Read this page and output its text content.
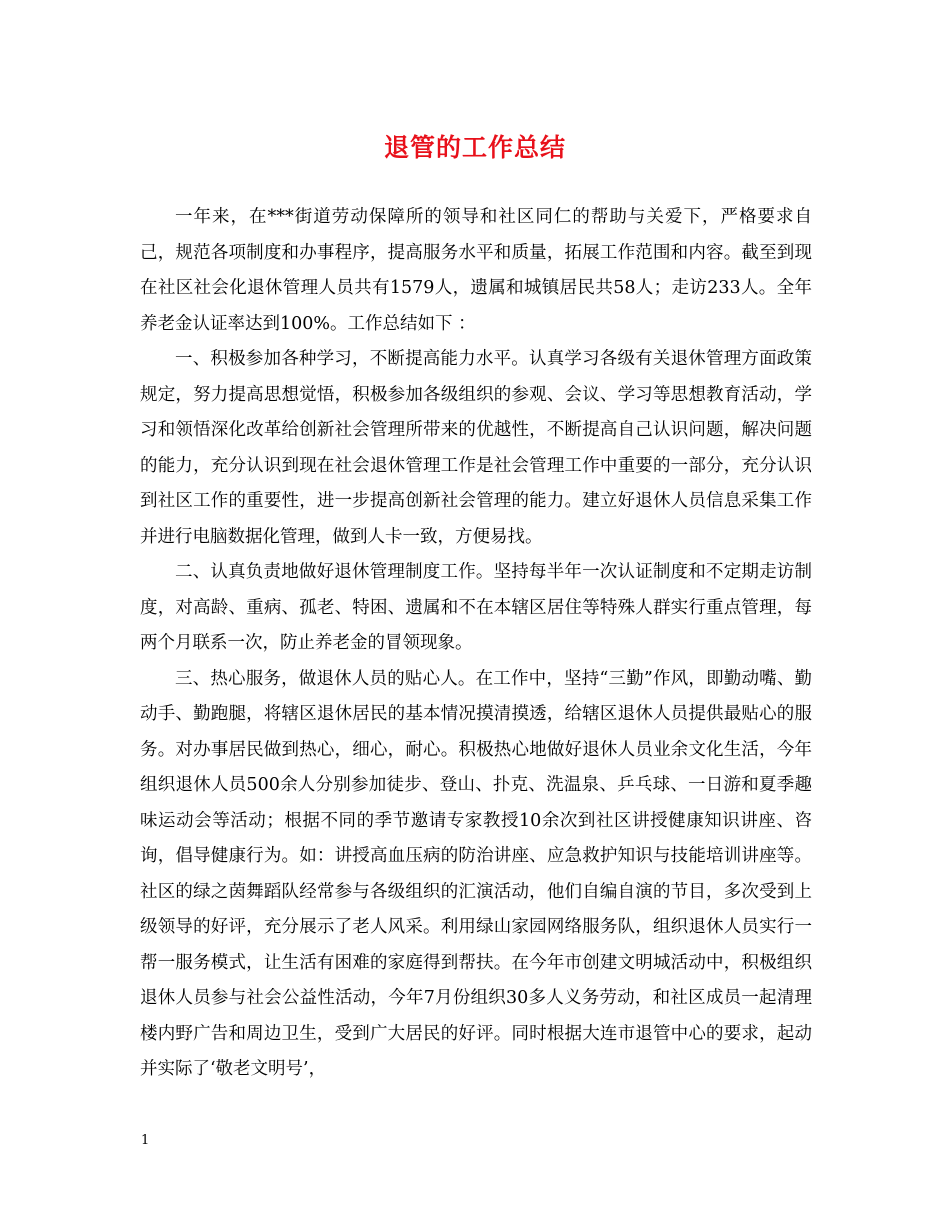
退管的工作总结

一年来，在***街道劳动保障所的领导和社区同仁的帮助与关爱下，严格要求自己，规范各项制度和办事程序，提高服务水平和质量，拓展工作范围和内容。截至到现在社区社会化退休管理人员共有1579人，遗属和城镇居民共58人；走访233人。全年养老金认证率达到100%。工作总结如下 ：

一、积极参加各种学习，不断提高能力水平。认真学习各级有关退休管理方面政策规定，努力提高思想觉悟，积极参加各级组织的参观、会议、学习等思想教育活动，学习和领悟深化改革给创新社会管理所带来的优越性，不断提高自己认识问题，解决问题的能力，充分认识到现在社会退休管理工作是社会管理工作中重要的一部分，充分认识到社区工作的重要性，进一步提高创新社会管理的能力。建立好退休人员信息采集工作并进行电脑数据化管理，做到人卡一致，方便易找。

二、认真负责地做好退休管理制度工作。坚持每半年一次认证制度和不定期走访制度，对高龄、重病、孤老、特困、遗属和不在本辖区居住等特殊人群实行重点管理，每两个月联系一次，防止养老金的冒领现象。

三、热心服务，做退休人员的贴心人。在工作中，坚持“三勤”作风，即勤动嘴、勤动手、勤跑腿，将辖区退休居民的基本情况摸清摸透，给辖区退休人员提供最贴心的服务。对办事居民做到热心，细心，耐心。积极热心地做好退休人员业余文化生活，今年组织退休人员500余人分别参加徒步、登山、扑克、洗温泉、乒乓球、一日游和夏季趣味运动会等活动；根据不同的季节邀请专家教授10余次到社区讲授健康知识讲座、咨询，倡导健康行为。如：讲授高血压病的防治讲座、应急救护知识与技能培训讲座等。社区的绿之茵舞蹈队经常参与各级组织的汇演活动，他们自编自演的节目，多次受到上级领导的好评，充分展示了老人风采。利用绿山家园网络服务队，组织退休人员实行一帮一服务模式，让生活有困难的家庭得到帮扶。在今年市创建文明城活动中，积极组织退休人员参与社会公益性活动，今年7月份组织30多人义务劳动，和社区成员一起清理楼内野广告和周边卫生，受到广大居民的好评。同时根据大连市退管中心的要求，起动并实际了‘敬老文明号’，

1
